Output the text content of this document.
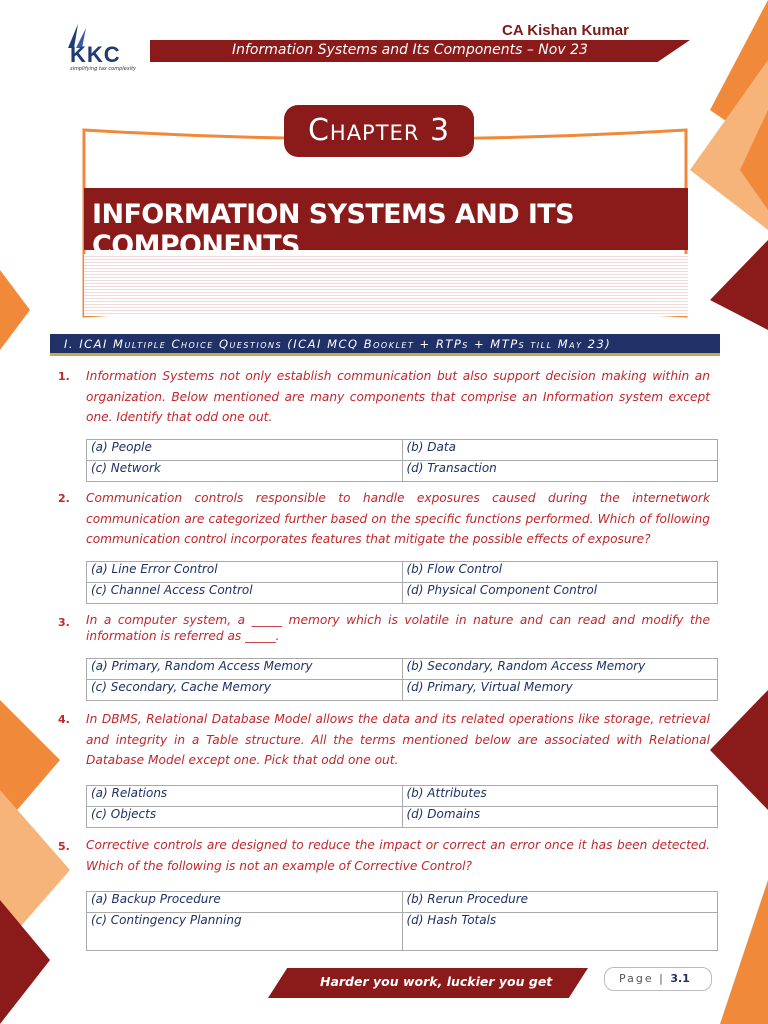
KKC
simplifying tax complexity
CA Kishan Kumar
Information Systems and Its Components – Nov 23
INFORMATION SYSTEMS AND ITS COMPONENTS
Chapter 3
I. ICAI Multiple Choice Questions (ICAI MCQ Booklet + RTPs + MTPs till May 23)
1. Information Systems not only establish communication but also support decision making within an organization. Below mentioned are many components that comprise an Information system except one. Identify that odd one out.
(a) People	(b) Data
(c) Network	(d) Transaction
2. Communication controls responsible to handle exposures caused during the internetwork communication are categorized further based on the specific functions performed. Which of following communication control incorporates features that mitigate the possible effects of exposure?
(a) Line Error Control	(b) Flow Control
(c) Channel Access Control	(d) Physical Component Control
3. In a computer system, a _____ memory which is volatile in nature and can read and modify the information is referred as _____.
(a) Primary, Random Access Memory	(b) Secondary, Random Access Memory
(c) Secondary, Cache Memory	(d) Primary, Virtual Memory
4. In DBMS, Relational Database Model allows the data and its related operations like storage, retrieval and integrity in a Table structure. All the terms mentioned below are associated with Relational Database Model except one. Pick that odd one out.
(a) Relations	(b) Attributes
(c) Objects	(d) Domains
5. Corrective controls are designed to reduce the impact or correct an error once it has been detected. Which of the following is not an example of Corrective Control?
(a) Backup Procedure	(b) Rerun Procedure
(c) Contingency Planning	(d) Hash Totals
Harder you work, luckier you get	Page | 3.1
